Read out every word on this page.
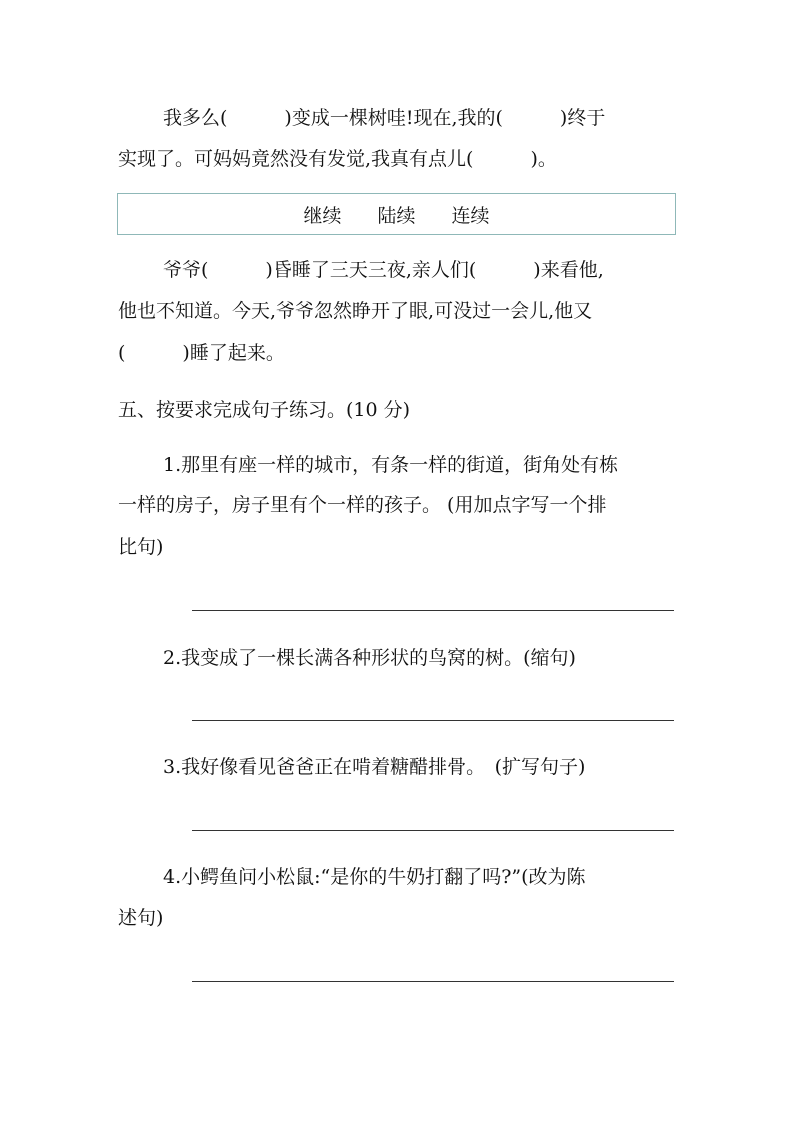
我多么(　　　)变成一棵树哇!现在,我的(　　　)终于
实现了。可妈妈竟然没有发觉,我真有点儿(　　　)。
继续 陆续 连续
爷爷(　　　)昏睡了三天三夜,亲人们(　　　)来看他,
他也不知道。今天,爷爷忽然睁开了眼,可没过一会儿,他又
(　　　)睡了起来。
五、按要求完成句子练习。(10 分)
1.那里有座一样的城市，有条一样的街道，街角处有栋
一样的房子，房子里有个一样的孩子。 (用加点字写一个排
比句)
2.我变成了一棵长满各种形状的鸟窝的树。(缩句)
3.我好像看见爸爸正在啃着糖醋排骨。　(扩写句子)
4.小鳄鱼问小松鼠:“是你的牛奶打翻了吗?”(改为陈
述句)
